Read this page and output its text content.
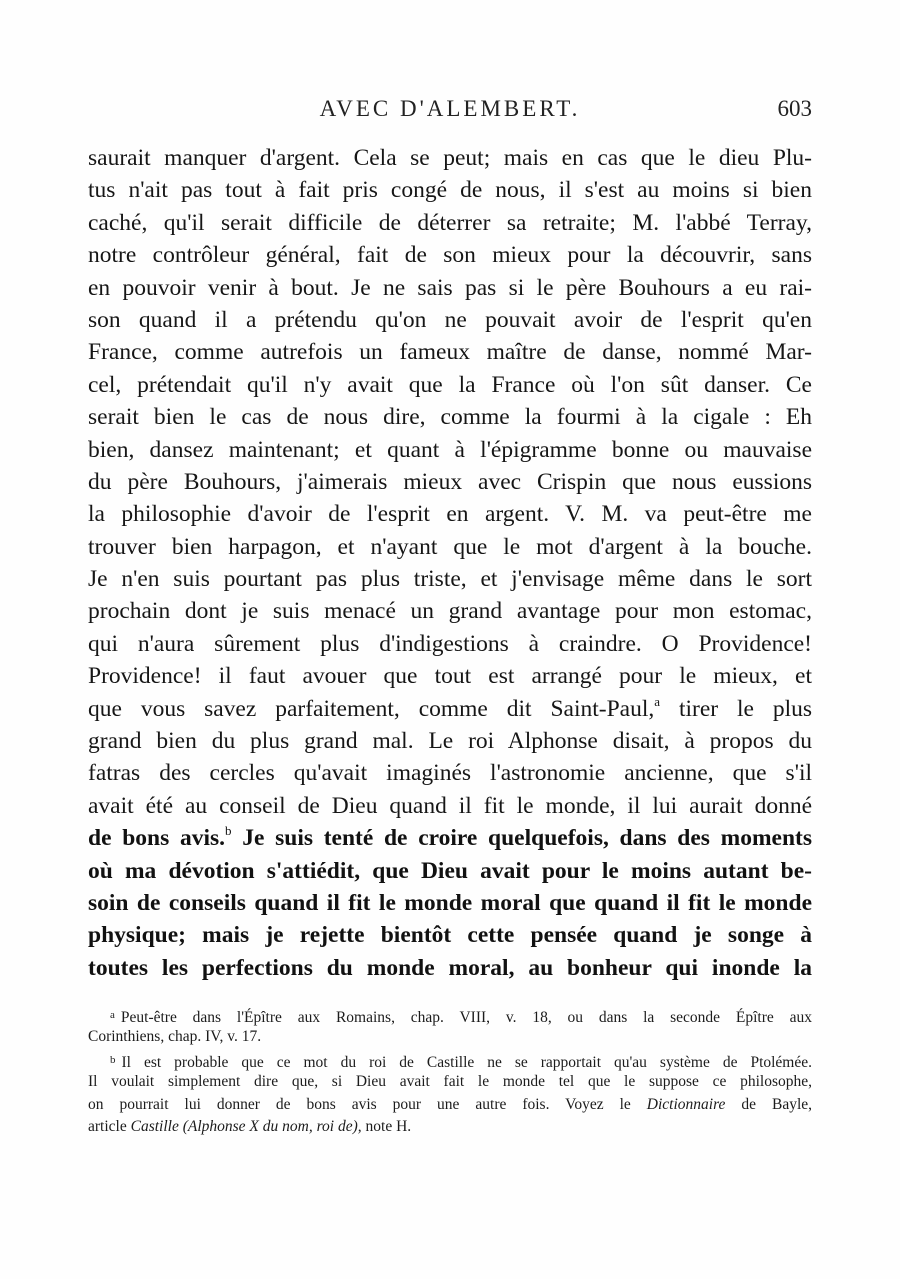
AVEC D'ALEMBERT.	603
saurait manquer d'argent. Cela se peut; mais en cas que le dieu Plu-
tus n'ait pas tout à fait pris congé de nous, il s'est au moins si bien
caché, qu'il serait difficile de déterrer sa retraite; M. l'abbé Terray,
notre contrôleur général, fait de son mieux pour la découvrir, sans
en pouvoir venir à bout. Je ne sais pas si le père Bouhours a eu rai-
son quand il a prétendu qu'on ne pouvait avoir de l'esprit qu'en
France, comme autrefois un fameux maître de danse, nommé Mar-
cel, prétendait qu'il n'y avait que la France où l'on sût danser. Ce
serait bien le cas de nous dire, comme la fourmi à la cigale : Eh
bien, dansez maintenant; et quant à l'épigramme bonne ou mauvaise
du père Bouhours, j'aimerais mieux avec Crispin que nous eussions
la philosophie d'avoir de l'esprit en argent. V. M. va peut-être me
trouver bien harpagon, et n'ayant que le mot d'argent à la bouche.
Je n'en suis pourtant pas plus triste, et j'envisage même dans le sort
prochain dont je suis menacé un grand avantage pour mon estomac,
qui n'aura sûrement plus d'indigestions à craindre. O Providence!
Providence! il faut avouer que tout est arrangé pour le mieux, et
que vous savez parfaitement, comme dit Saint-Paul,$^a$ tirer le plus
grand bien du plus grand mal. Le roi Alphonse disait, à propos du
fatras des cercles qu'avait imaginés l'astronomie ancienne, que s'il
avait été au conseil de Dieu quand il fit le monde, il lui aurait donné
de bons avis.$^b$ Je suis tenté de croire quelquefois, dans des moments
où ma dévotion s'attiédit, que Dieu avait pour le moins autant be-
soin de conseils quand il fit le monde moral que quand il fit le monde
physique; mais je rejette bientôt cette pensée quand je songe à
toutes les perfections du monde moral, au bonheur qui inonde la
$^a$ Peut-être dans l'Épître aux Romains, chap. VIII, v. 18, ou dans la seconde Épître aux
Corinthiens, chap. IV, v. 17.
$^b$ Il est probable que ce mot du roi de Castille ne se rapportait qu'au système de Ptolémée.
Il voulait simplement dire que, si Dieu avait fait le monde tel que le suppose ce philosophe,
on pourrait lui donner de bons avis pour une autre fois. Voyez le Dictionnaire de Bayle,
article Castille (Alphonse X du nom, roi de), note H.
